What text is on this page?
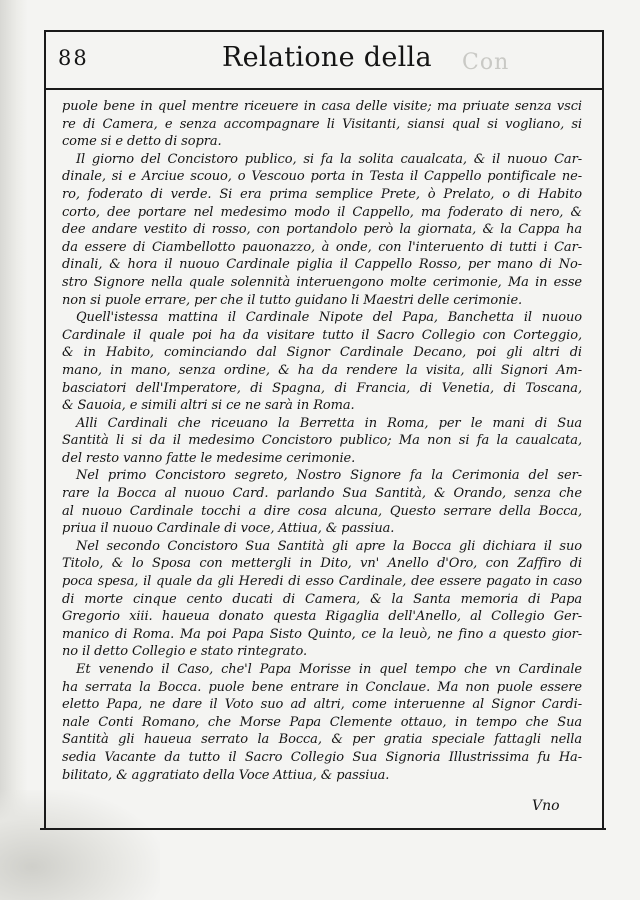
88	Relatione della Con
puole bene in quel mentre riceuere in casa delle visite; ma priuate senza vsci
re di Camera, e senza accompagnare li Visitanti, siansi qual si vogliano, si
come si e detto di sopra.
Il giorno del Concistoro publico, si fa la solita caualcata, & il nuouo Car-
dinale, si e Arciue scouo, o Vescouo porta in Testa il Cappello pontificale ne-
ro, foderato di verde. Si era prima semplice Prete, ò Prelato, o di Habito
corto, dee portare nel medesimo modo il Cappello, ma foderato di nero, &
dee andare vestito di rosso, con portandolo però la giornata, & la Cappa ha
da essere di Ciambellotto pauonazzo, à onde, con l'interuento di tutti i Car-
dinali, & hora il nuouo Cardinale piglia il Cappello Rosso, per mano di No-
stro Signore nella quale solennità interuengono molte cerimonie, Ma in esse
non si puole errare, per che il tutto guidano li Maestri delle cerimonie.
Quell'istessa mattina il Cardinale Nipote del Papa, Banchetta il nuouo
Cardinale il quale poi ha da visitare tutto il Sacro Collegio con Corteggio,
& in Habito, cominciando dal Signor Cardinale Decano, poi gli altri di
mano, in mano, senza ordine, & ha da rendere la visita, alli Signori Am-
basciatori dell'Imperatore, di Spagna, di Francia, di Venetia, di Toscana,
& Sauoia, e simili altri si ce ne sarà in Roma.
Alli Cardinali che riceuano la Berretta in Roma, per le mani di Sua
Santità li si da il medesimo Concistoro publico; Ma non si fa la caualcata,
del resto vanno fatte le medesime cerimonie.
Nel primo Concistoro segreto, Nostro Signore fa la Cerimonia del ser-
rare la Bocca al nuouo Card. parlando Sua Santità, & Orando, senza che
al nuouo Cardinale tocchi a dire cosa alcuna, Questo serrare della Bocca,
priua il nuouo Cardinale di voce, Attiua, & passiua.
Nel secondo Concistoro Sua Santità gli apre la Bocca gli dichiara il suo
Titolo, & lo Sposa con mettergli in Dito, vn' Anello d'Oro, con Zaffiro di
poca spesa, il quale da gli Heredi di esso Cardinale, dee essere pagato in caso
di morte cinque cento ducati di Camera, & la Santa memoria di Papa
Gregorio xiii. haueua donato questa Rigaglia dell'Anello, al Collegio Ger-
manico di Roma. Ma poi Papa Sisto Quinto, ce la leuò, ne fino a questo gior-
no il detto Collegio e stato rintegrato.
Et venendo il Caso, che'l Papa Morisse in quel tempo che vn Cardinale
ha serrata la Bocca. puole bene entrare in Conclaue. Ma non puole essere
eletto Papa, ne dare il Voto suo ad altri, come interuenne al Signor Cardi-
nale Conti Romano, che Morse Papa Clemente ottauo, in tempo che Sua
Santità gli haueua serrato la Bocca, & per gratia speciale fattagli nella
sedia Vacante da tutto il Sacro Collegio Sua Signoria Illustrissima fu Ha-
bilitato, & aggratiato della Voce Attiua, & passiua.
Vno
